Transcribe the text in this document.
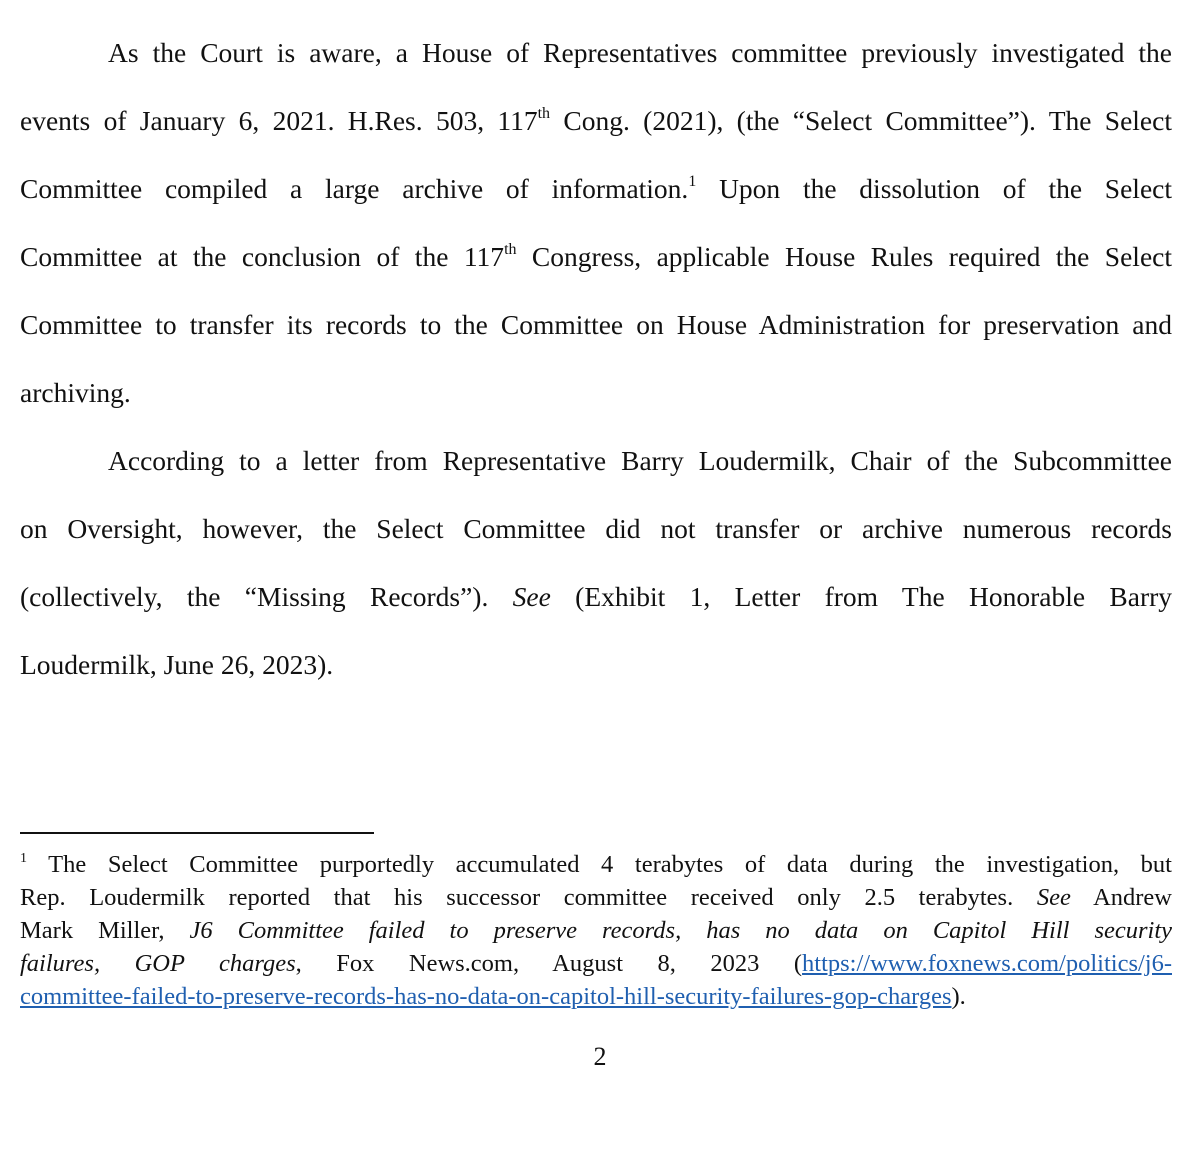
As the Court is aware, a House of Representatives committee previously investigated the
events of January 6, 2021. H.Res. 503, 117th Cong. (2021), (the “Select Committee”). The Select
Committee compiled a large archive of information.$^1$ Upon the dissolution of the Select
Committee at the conclusion of the 117th Congress, applicable House Rules required the Select
Committee to transfer its records to the Committee on House Administration for preservation and
archiving.
According to a letter from Representative Barry Loudermilk, Chair of the Subcommittee
on Oversight, however, the Select Committee did not transfer or archive numerous records
(collectively, the “Missing Records”). See (Exhibit 1, Letter from The Honorable Barry
Loudermilk, June 26, 2023).
$^1$ The Select Committee purportedly accumulated 4 terabytes of data during the investigation, but
Rep. Loudermilk reported that his successor committee received only 2.5 terabytes. See Andrew
Mark Miller, J6 Committee failed to preserve records, has no data on Capitol Hill security
failures, GOP charges, Fox News.com, August 8, 2023 (https://www.foxnews.com/politics/j6-
committee-failed-to-preserve-records-has-no-data-on-capitol-hill-security-failures-gop-charges).
2
